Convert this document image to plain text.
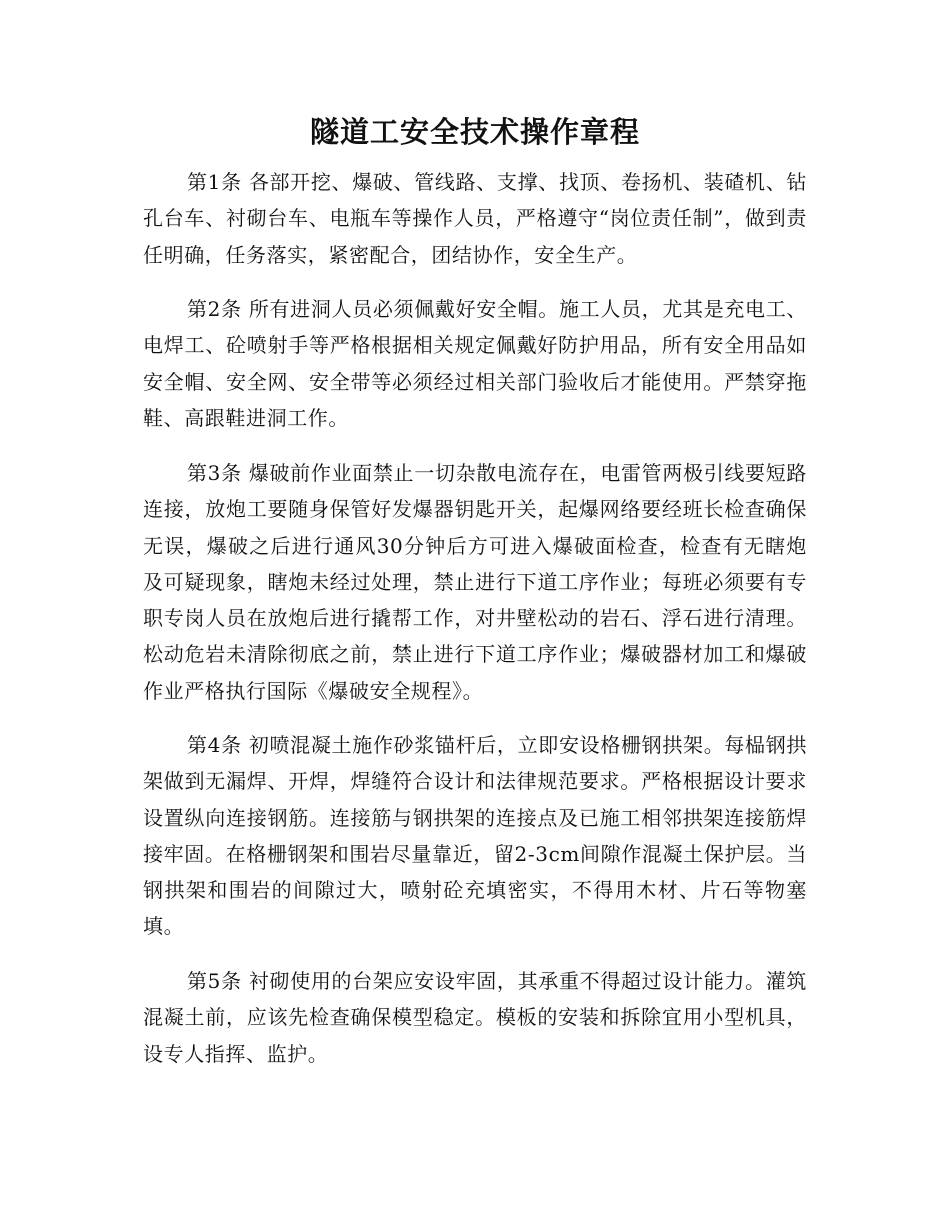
隧道工安全技术操作章程

第1条 各部开挖、爆破、管线路、支撑、找顶、卷扬机、装碴机、钻孔台车、衬砌台车、电瓶车等操作人员，严格遵守“岗位责任制”，做到责任明确，任务落实，紧密配合，团结协作，安全生产。

第2条 所有进洞人员必须佩戴好安全帽。施工人员，尤其是充电工、电焊工、砼喷射手等严格根据相关规定佩戴好防护用品，所有安全用品如安全帽、安全网、安全带等必须经过相关部门验收后才能使用。严禁穿拖鞋、高跟鞋进洞工作。

第3条 爆破前作业面禁止一切杂散电流存在，电雷管两极引线要短路连接，放炮工要随身保管好发爆器钥匙开关，起爆网络要经班长检查确保无误，爆破之后进行通风30分钟后方可进入爆破面检查，检查有无瞎炮及可疑现象，瞎炮未经过处理，禁止进行下道工序作业；每班必须要有专职专岗人员在放炮后进行撬帮工作，对井壁松动的岩石、浮石进行清理。松动危岩未清除彻底之前，禁止进行下道工序作业；爆破器材加工和爆破作业严格执行国际《爆破安全规程》。

第4条 初喷混凝土施作砂浆锚杆后，立即安设格栅钢拱架。每榀钢拱架做到无漏焊、开焊，焊缝符合设计和法律规范要求。严格根据设计要求设置纵向连接钢筋。连接筋与钢拱架的连接点及已施工相邻拱架连接筋焊接牢固。在格栅钢架和围岩尽量靠近，留2-3cm间隙作混凝土保护层。当钢拱架和围岩的间隙过大，喷射砼充填密实，不得用木材、片石等物塞填。

第5条 衬砌使用的台架应安设牢固，其承重不得超过设计能力。灌筑混凝土前，应该先检查确保模型稳定。模板的安装和拆除宜用小型机具，设专人指挥、监护。
